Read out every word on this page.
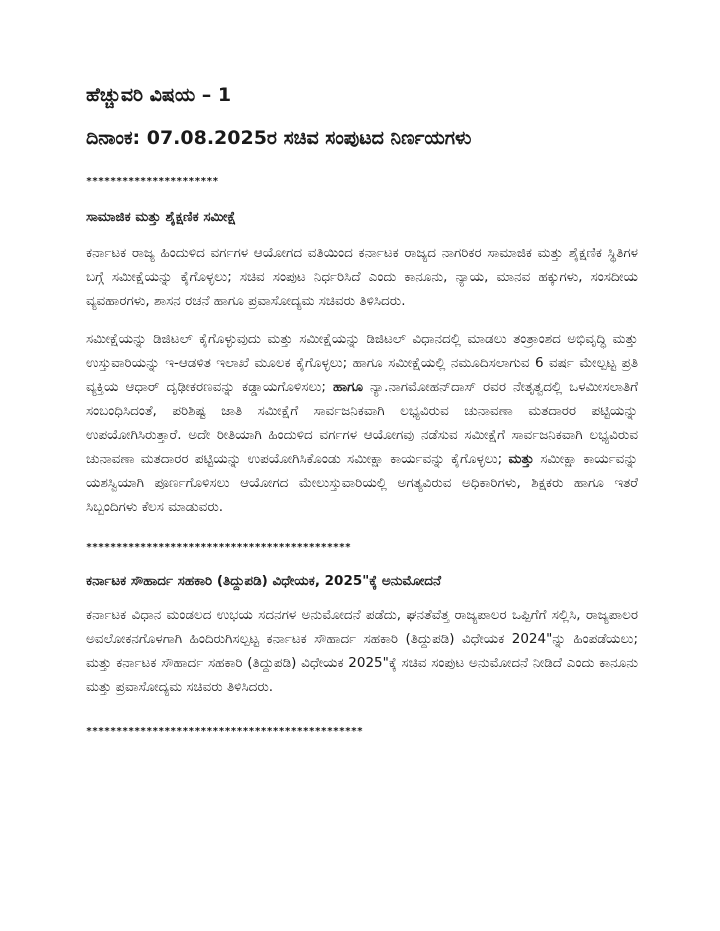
ಹೆಚ್ಚುವರಿ ವಿಷಯ – 1

ದಿನಾಂಕ: 07.08.2025ರ ಸಚಿವ ಸಂಪುಟದ ನಿರ್ಣಯಗಳು

**********************

ಸಾಮಾಜಿಕ ಮತ್ತು ಶೈಕ್ಷಣಿಕ ಸಮೀಕ್ಷೆ

ಕರ್ನಾಟಕ ರಾಜ್ಯ ಹಿಂದುಳಿದ ವರ್ಗಗಳ ಆಯೋಗದ ವತಿಯಿಂದ ಕರ್ನಾಟಕ ರಾಜ್ಯದ ನಾಗರಿಕರ ಸಾಮಾಜಿಕ ಮತ್ತು ಶೈಕ್ಷಣಿಕ ಸ್ಥಿತಿಗಳ ಬಗ್ಗೆ ಸಮೀಕ್ಷೆಯನ್ನು ಕೈಗೊಳ್ಳಲು; ಸಚಿವ ಸಂಪುಟ ನಿರ್ಧರಿಸಿದೆ ಎಂದು ಕಾನೂನು, ನ್ಯಾಯ, ಮಾನವ ಹಕ್ಕುಗಳು, ಸಂಸದೀಯ ವ್ಯವಹಾರಗಳು, ಶಾಸನ ರಚನೆ ಹಾಗೂ ಪ್ರವಾಸೋದ್ಯಮ ಸಚಿವರು ತಿಳಿಸಿದರು.

ಸಮೀಕ್ಷೆಯನ್ನು ಡಿಜಿಟಲ್ ಕೈಗೊಳ್ಳುವುದು ಮತ್ತು ಸಮೀಕ್ಷೆಯನ್ನು ಡಿಜಿಟಲ್ ವಿಧಾನದಲ್ಲಿ ಮಾಡಲು ತಂತ್ರಾಂಶದ ಅಭಿವೃದ್ಧಿ ಮತ್ತು ಉಸ್ತುವಾರಿಯನ್ನು ಇ-ಆಡಳಿತ ಇಲಾಖೆ ಮೂಲಕ ಕೈಗೊಳ್ಳಲು; ಹಾಗೂ ಸಮೀಕ್ಷೆಯಲ್ಲಿ ನಮೂದಿಸಲಾಗುವ 6 ವರ್ಷ ಮೇಲ್ಪಟ್ಟ ಪ್ರತಿ ವ್ಯಕ್ತಿಯ ಆಧಾರ್ ದೃಢೀಕರಣವನ್ನು ಕಡ್ಡಾಯಗೊಳಿಸಲು; ಹಾಗೂ ನ್ಯಾ.ನಾಗಮೋಹನ್‌ದಾಸ್ ರವರ ನೇತೃತ್ವದಲ್ಲಿ ಒಳಮೀಸಲಾತಿಗೆ ಸಂಬಂಧಿಸಿದಂತೆ, ಪರಿಶಿಷ್ಟ ಜಾತಿ ಸಮೀಕ್ಷೆಗೆ ಸಾರ್ವಜನಿಕವಾಗಿ ಲಭ್ಯವಿರುವ ಚುನಾವಣಾ ಮತದಾರರ ಪಟ್ಟಿಯನ್ನು ಉಪಯೋಗಿಸಿರುತ್ತಾರೆ. ಅದೇ ರೀತಿಯಾಗಿ ಹಿಂದುಳಿದ ವರ್ಗಗಳ ಆಯೋಗವು ನಡೆಸುವ ಸಮೀಕ್ಷೆಗೆ ಸಾರ್ವಜನಿಕವಾಗಿ ಲಭ್ಯವಿರುವ ಚುನಾವಣಾ ಮತದಾರರ ಪಟ್ಟಿಯನ್ನು ಉಪಯೋಗಿಸಿಕೊಂಡು ಸಮೀಕ್ಷಾ ಕಾರ್ಯವನ್ನು ಕೈಗೊಳ್ಳಲು; ಮತ್ತು ಸಮೀಕ್ಷಾ ಕಾರ್ಯವನ್ನು ಯಶಸ್ವಿಯಾಗಿ ಪೂರ್ಣಗೊಳಿಸಲು ಆಯೋಗದ ಮೇಲುಸ್ತುವಾರಿಯಲ್ಲಿ ಅಗತ್ಯವಿರುವ ಅಧಿಕಾರಿಗಳು, ಶಿಕ್ಷಕರು ಹಾಗೂ ಇತರೆ ಸಿಬ್ಬಂದಿಗಳು ಕೆಲಸ ಮಾಡುವರು.

********************************************

ಕರ್ನಾಟಕ ಸೌಹಾರ್ದ ಸಹಕಾರಿ (ತಿದ್ದುಪಡಿ) ವಿಧೇಯಕ, 2025"ಕ್ಕೆ ಅನುಮೋದನೆ

ಕರ್ನಾಟಕ ವಿಧಾನ ಮಂಡಲದ ಉಭಯ ಸದನಗಳ ಅನುಮೋದನೆ ಪಡೆದು, ಘನತೆವೆತ್ತ ರಾಜ್ಯಪಾಲರ ಒಪ್ಪಿಗೆಗೆ ಸಲ್ಲಿಸಿ, ರಾಜ್ಯಪಾಲರ ಅವಲೋಕನಗೊಳಗಾಗಿ ಹಿಂದಿರುಗಿಸಲ್ಪಟ್ಟ ಕರ್ನಾಟಕ ಸೌಹಾರ್ದ ಸಹಕಾರಿ (ತಿದ್ದುಪಡಿ) ವಿಧೇಯಕ 2024"ನ್ನು ಹಿಂಪಡೆಯಲು; ಮತ್ತು ಕರ್ನಾಟಕ ಸೌಹಾರ್ದ ಸಹಕಾರಿ (ತಿದ್ದುಪಡಿ) ವಿಧೇಯಕ 2025"ಕ್ಕೆ ಸಚಿವ ಸಂಪುಟ ಅನುಮೋದನೆ ನೀಡಿದೆ ಎಂದು ಕಾನೂನು ಮತ್ತು ಪ್ರವಾಸೋದ್ಯಮ ಸಚಿವರು ತಿಳಿಸಿದರು.

**********************************************
